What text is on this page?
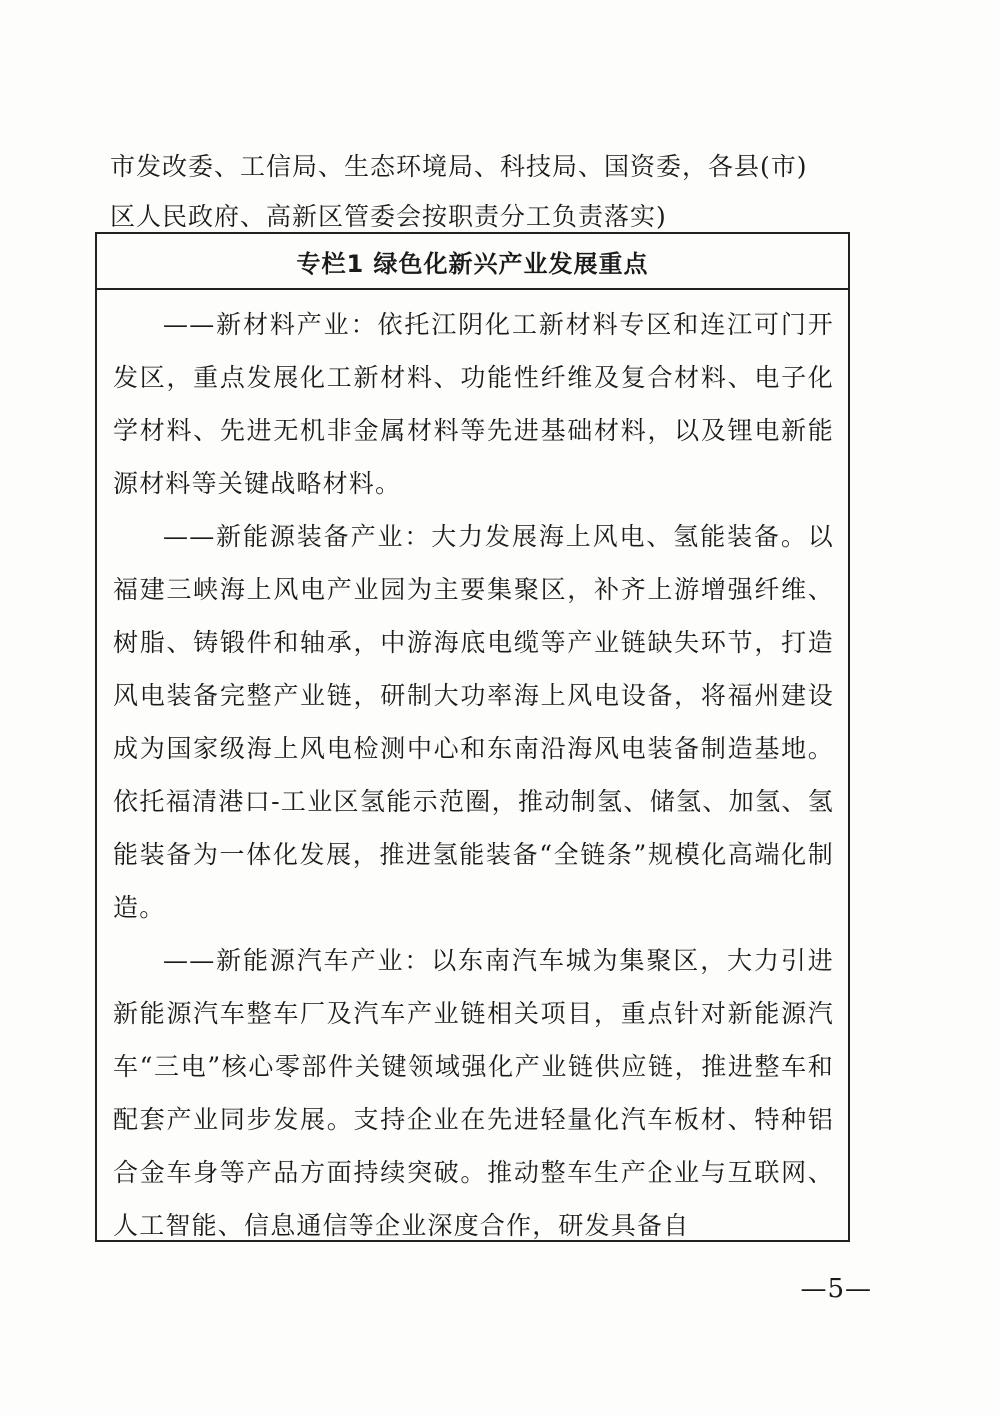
市发改委、工信局、生态环境局、科技局、国资委，各县(市)

区人民政府、高新区管委会按职责分工负责落实)

专栏1 绿色化新兴产业发展重点

——新材料产业：依托江阴化工新材料专区和连江可门开发区，重点发展化工新材料、功能性纤维及复合材料、电子化学材料、先进无机非金属材料等先进基础材料，以及锂电新能源材料等关键战略材料。

——新能源装备产业：大力发展海上风电、氢能装备。以福建三峡海上风电产业园为主要集聚区，补齐上游增强纤维、树脂、铸锻件和轴承，中游海底电缆等产业链缺失环节，打造风电装备完整产业链，研制大功率海上风电设备，将福州建设成为国家级海上风电检测中心和东南沿海风电装备制造基地。依托福清港口-工业区氢能示范圈，推动制氢、储氢、加氢、氢能装备为一体化发展，推进氢能装备“全链条”规模化高端化制造。

——新能源汽车产业：以东南汽车城为集聚区，大力引进新能源汽车整车厂及汽车产业链相关项目，重点针对新能源汽车“三电”核心零部件关键领域强化产业链供应链，推进整车和配套产业同步发展。支持企业在先进轻量化汽车板材、特种铝合金车身等产品方面持续突破。推动整车生产企业与互联网、人工智能、信息通信等企业深度合作，研发具备自

—5—
